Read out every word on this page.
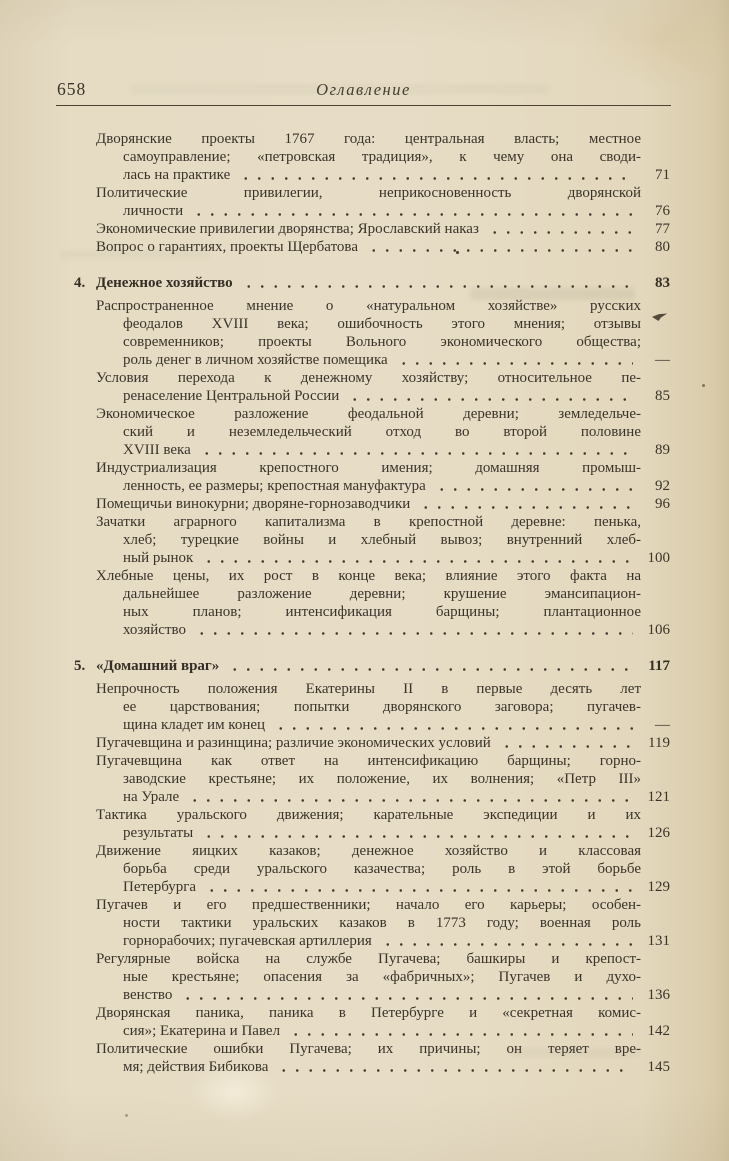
658	Оглавление
Дворянские проекты 1767 года: центральная власть; местное
самоуправление; «петровская традиция», к чему она своди-
лась на практике	71
Политические привилегии, неприкосновенность дворянской
личности	76
Экономические привилегии дворянства; Ярославский наказ	77
Вопрос о гарантиях, проекты Щербатова	80
4. Денежное хозяйство	83
Распространенное мнение о «натуральном хозяйстве» русских
феодалов XVIII века; ошибочность этого мнения; отзывы
современников; проекты Вольного экономического общества;
роль денег в личном хозяйстве помещика	—
Условия перехода к денежному хозяйству; относительное пе-
ренаселение Центральной России	85
Экономическое разложение феодальной деревни; земледельче-
ский и неземледельческий отход во второй половине
XVIII века	89
Индустриализация крепостного имения; домашняя промыш-
ленность, ее размеры; крепостная мануфактура	92
Помещичьи винокурни; дворяне-горнозаводчики	96
Зачатки аграрного капитализма в крепостной деревне: пенька,
хлеб; турецкие войны и хлебный вывоз; внутренний хлеб-
ный рынок	100
Хлебные цены, их рост в конце века; влияние этого факта на
дальнейшее разложение деревни; крушение эмансипацион-
ных планов; интенсификация барщины; плантационное
хозяйство	106
5. «Домашний враг»	117
Непрочность положения Екатерины II в первые десять лет
ее царствования; попытки дворянского заговора; пугачев-
щина кладет им конец	—
Пугачевщина и разинщина; различие экономических условий	119
Пугачевщина как ответ на интенсификацию барщины; горно-
заводские крестьяне; их положение, их волнения; «Петр III»
на Урале	121
Тактика уральского движения; карательные экспедиции и их
результаты	126
Движение яицких казаков; денежное хозяйство и классовая
борьба среди уральского казачества; роль в этой борьбе
Петербурга	129
Пугачев и его предшественники; начало его карьеры; особен-
ности тактики уральских казаков в 1773 году; военная роль
горнорабочих; пугачевская артиллерия	131
Регулярные войска на службе Пугачева; башкиры и крепост-
ные крестьяне; опасения за «фабричных»; Пугачев и духо-
венство	136
Дворянская паника, паника в Петербурге и «секретная комис-
сия»; Екатерина и Павел	142
Политические ошибки Пугачева; их причины; он теряет вре-
мя; действия Бибикова	145
